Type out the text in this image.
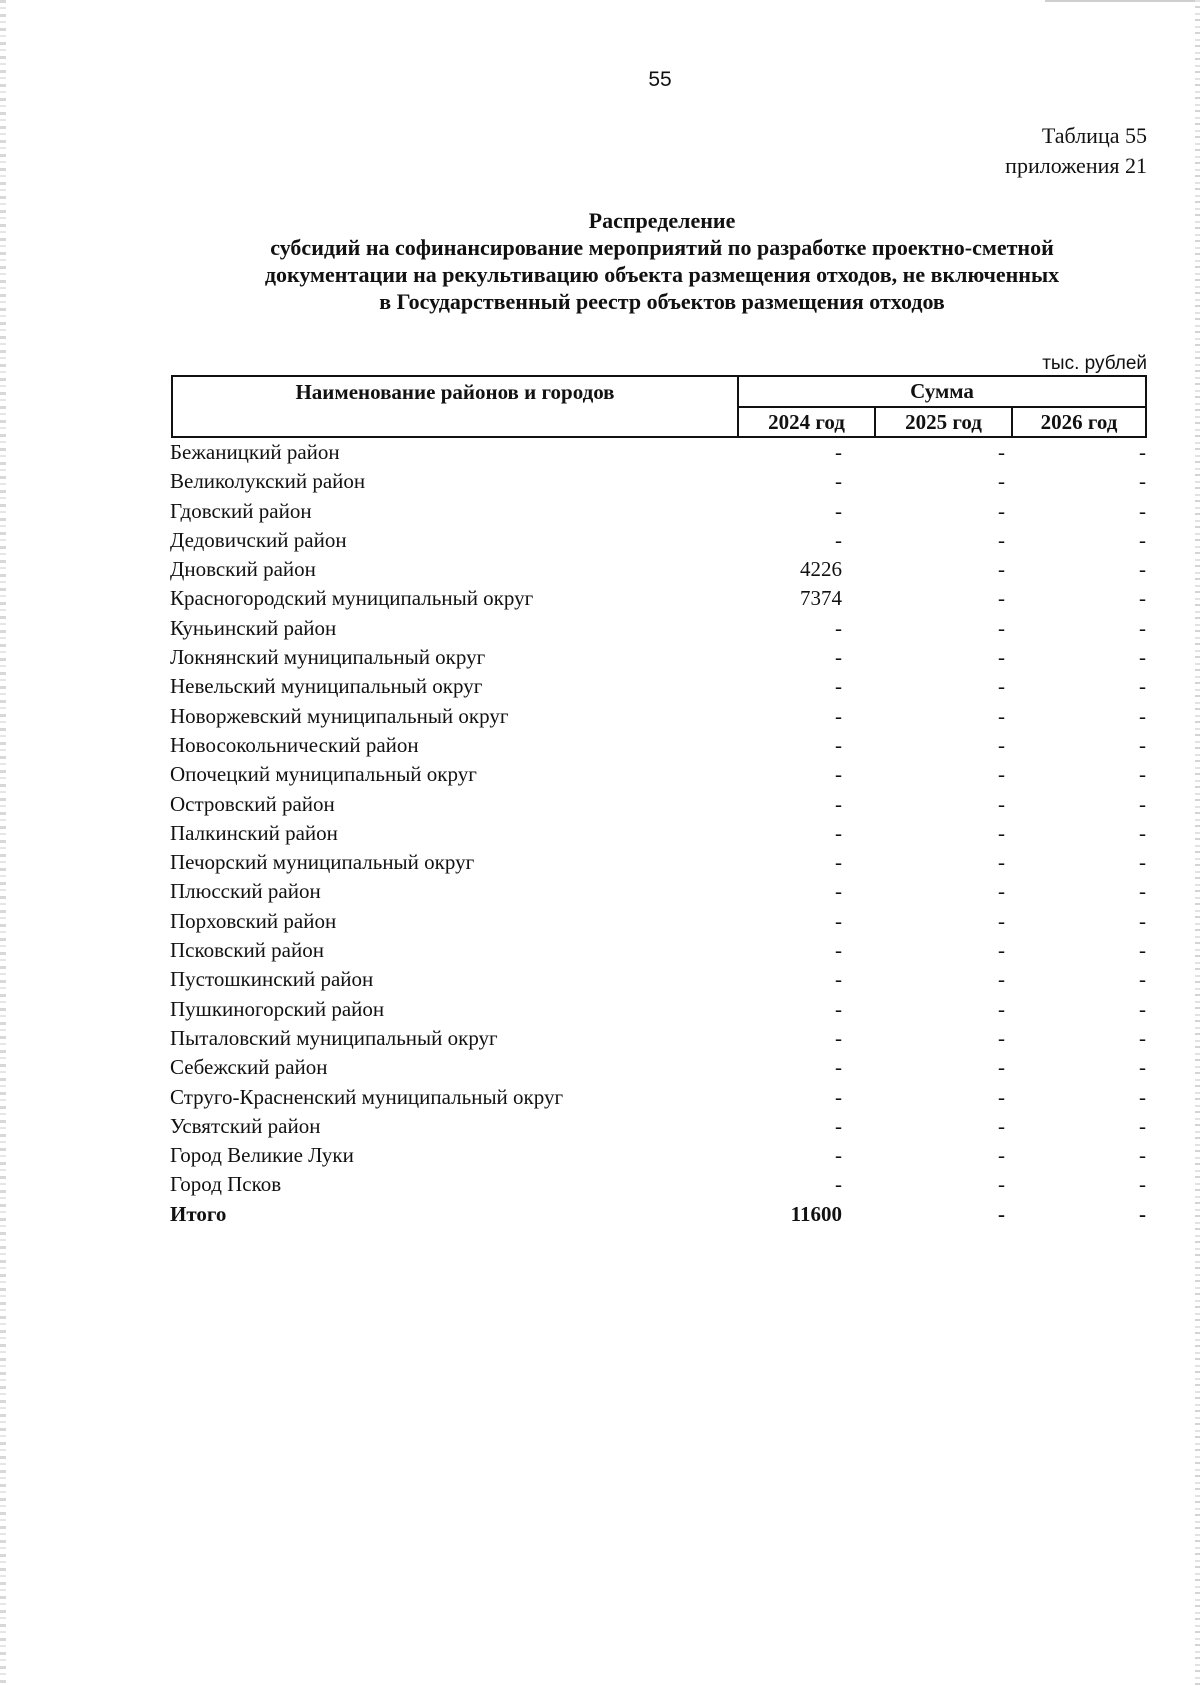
55
Таблица 55
приложения 21
Распределение
субсидий на софинансирование мероприятий по разработке проектно-сметной
документации на рекультивацию объекта размещения отходов, не включенных
в Государственный реестр объектов размещения отходов
тыс. рублей
Наименование районов и городов	Сумма
2024 год	2025 год	2026 год
Бежаницкий район	-	-	-
Великолукский район	-	-	-
Гдовский район	-	-	-
Дедовичский район	-	-	-
Дновский район	4226	-	-
Красногородский муниципальный округ	7374	-	-
Куньинский район	-	-	-
Локнянский муниципальный округ	-	-	-
Невельский муниципальный округ	-	-	-
Новоржевский муниципальный округ	-	-	-
Новосокольнический район	-	-	-
Опочецкий муниципальный округ	-	-	-
Островский район	-	-	-
Палкинский район	-	-	-
Печорский муниципальный округ	-	-	-
Плюсский район	-	-	-
Порховский район	-	-	-
Псковский район	-	-	-
Пустошкинский район	-	-	-
Пушкиногорский район	-	-	-
Пыталовский муниципальный округ	-	-	-
Себежский район	-	-	-
Струго-Красненский муниципальный округ	-	-	-
Усвятский район	-	-	-
Город Великие Луки	-	-	-
Город Псков	-	-	-
Итого	11600	-	-
